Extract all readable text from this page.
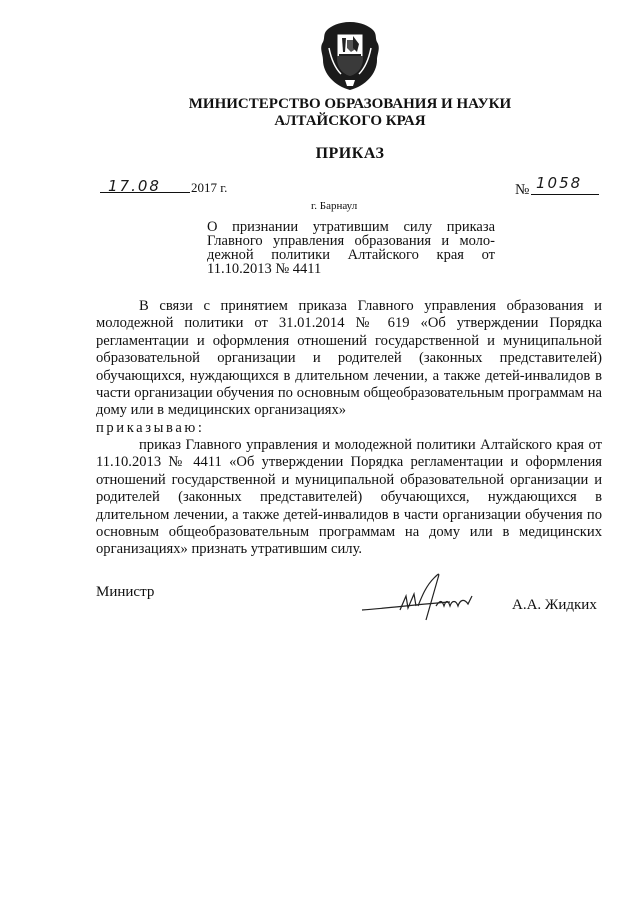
МИНИСТЕРСТВО ОБРАЗОВАНИЯ И НАУКИ
АЛТАЙСКОГО КРАЯ
ПРИКАЗ
17.08 2017 г.	№ 1058
г. Барнаул
О признании утратившим силу приказа
Главного управления образования и моло-
дежной политики Алтайского края от
11.10.2013 № 4411
В связи с принятием приказа Главного управления образования и молодежной политики от 31.01.2014 № 619 «Об утверждении Порядка регламентации и оформления отношений государственной и муниципальной образовательной организации и родителей (законных представителей) обучающихся, нуждающихся в длительном лечении, а также детей-инвалидов в части организации обучения по основным общеобразовательным программам на дому или в медицинских организациях»
приказываю:
приказ Главного управления и молодежной политики Алтайского края от 11.10.2013 № 4411 «Об утверждении Порядка регламентации и оформления отношений государственной и муниципальной образовательной организации и родителей (законных представителей) обучающихся, нуждающихся в длительном лечении, а также детей-инвалидов в части организации обучения по основным общеобразовательным программам на дому или в медицинских организациях» признать утратившим силу.
Министр
А.А. Жидких
